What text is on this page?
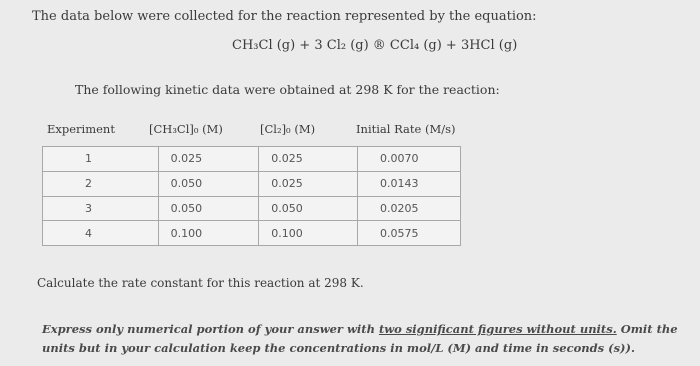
The data below were collected for the reaction represented by the equation:
CH₃Cl (g) + 3 Cl₂ (g) ® CCl₄ (g) + 3HCl (g)
The following kinetic data were obtained at 298 K for the reaction:
Experiment	[CH₃Cl]₀ (M)	[Cl₂]₀ (M)	Initial Rate (M/s)
1	0.025	0.025	0.0070
2	0.050	0.025	0.0143
3	0.050	0.050	0.0205
4	0.100	0.100	0.0575
Calculate the rate constant for this reaction at 298 K.
Express only numerical portion of your answer with two significant figures without units. Omit the units but in your calculation keep the concentrations in mol/L (M) and time in seconds (s)).
